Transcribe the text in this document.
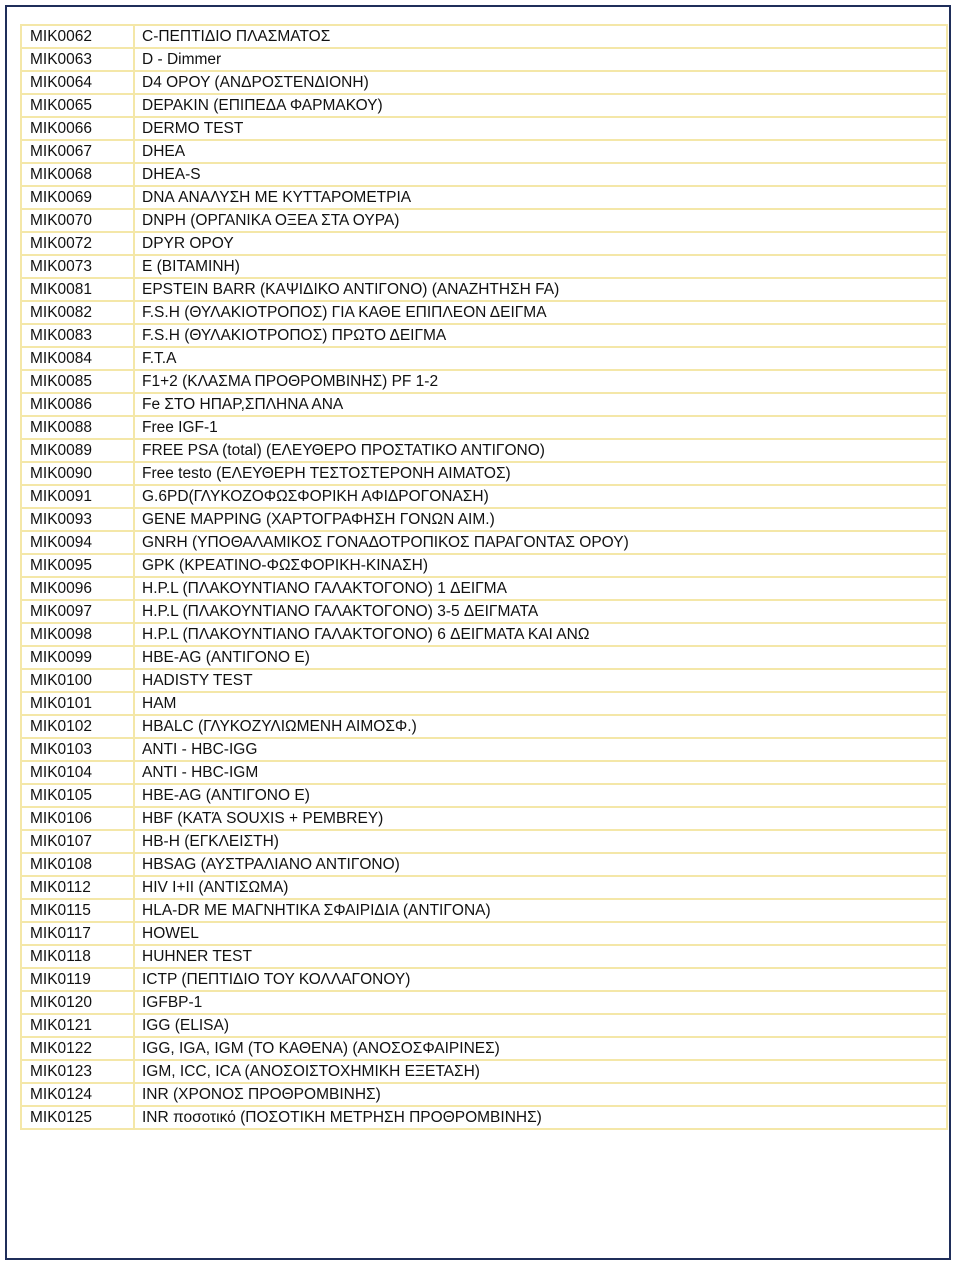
MIK0062	C-ΠΕΠΤΙΔΙΟ ΠΛΑΣΜΑΤΟΣ
MIK0063	D - Dimmer
MIK0064	D4 ΟΡΟΥ (ΑΝΔΡΟΣΤΕΝΔΙΟΝΗ)
MIK0065	DEPAKIN (ΕΠΙΠΕΔΑ ΦΑΡΜΑΚΟΥ)
MIK0066	DERMO TEST
MIK0067	DHEA
MIK0068	DHEA-S
MIK0069	DNA ΑΝΑΛΥΣΗ ΜΕ ΚΥΤΤΑΡΟΜΕΤΡΙΑ
MIK0070	DNPH (ΟΡΓΑΝΙΚΑ ΟΞΕΑ ΣΤΑ ΟΥΡΑ)
MIK0072	DPYR ΟΡΟΥ
MIK0073	E (ΒΙΤΑΜΙΝΗ)
MIK0081	EPSTEIN BARR (ΚΑΨΙΔΙΚΟ ΑΝΤΙΓΟΝΟ) (ΑΝΑΖΗΤΗΣΗ FA)
MIK0082	F.S.H (ΘΥΛΑΚΙΟΤΡΟΠΟΣ) ΓΙΑ ΚΑΘΕ ΕΠΙΠΛΕΟΝ ΔΕΙΓΜΑ
MIK0083	F.S.H (ΘΥΛΑΚΙΟΤΡΟΠΟΣ) ΠΡΩΤΟ ΔΕΙΓΜΑ
MIK0084	F.T.A
MIK0085	F1+2 (ΚΛΑΣΜΑ ΠΡΟΘΡΟΜΒΙΝΗΣ) PF 1-2
MIK0086	Fe ΣΤΟ ΗΠΑΡ,ΣΠΛΗΝΑ ΑΝΑ
MIK0088	Free IGF-1
MIK0089	FREE PSA (total) (ΕΛΕΥΘΕΡΟ ΠΡΟΣΤΑΤΙΚΟ ΑΝΤΙΓΟΝΟ)
MIK0090	Free testo (ΕΛΕΥΘΕΡΗ ΤΕΣΤΟΣΤΕΡΟΝΗ ΑΙΜΑΤΟΣ)
MIK0091	G.6PD(ΓΛΥΚΟΖΟΦΩΣΦΟΡΙΚΗ ΑΦΙΔΡΟΓΟΝΑΣΗ)
MIK0093	GENE MAPPING (ΧΑΡΤΟΓΡΑΦΗΣΗ ΓΟΝΩΝ ΑΙΜ.)
MIK0094	GNRH (ΥΠΟΘΑΛΑΜΙΚΟΣ ΓΟΝΑΔΟΤΡΟΠΙΚΟΣ ΠΑΡΑΓΟΝΤΑΣ ΟΡΟΥ)
MIK0095	GPK (ΚΡΕΑΤΙΝΟ-ΦΩΣΦΟΡΙΚΗ-ΚΙΝΑΣΗ)
MIK0096	H.P.L (ΠΛΑΚΟΥΝΤΙΑΝΟ ΓΑΛΑΚΤΟΓΟΝΟ) 1 ΔΕΙΓΜΑ
MIK0097	H.P.L (ΠΛΑΚΟΥΝΤΙΑΝΟ ΓΑΛΑΚΤΟΓΟΝΟ) 3-5 ΔΕΙΓΜΑΤΑ
MIK0098	H.P.L (ΠΛΑΚΟΥΝΤΙΑΝΟ ΓΑΛΑΚΤΟΓΟΝΟ) 6 ΔΕΙΓΜΑΤΑ ΚΑΙ ΑΝΩ
MIK0099	HBE-AG (ΑΝΤΙΓΟΝΟ E)
MIK0100	HADISTY TEST
MIK0101	HAM
MIK0102	HBALC (ΓΛΥΚΟΖΥΛΙΩΜΕΝΗ ΑΙΜΟΣΦ.)
MIK0103	ANTI - HBC-IGG
MIK0104	ANTI - HBC-IGM
MIK0105	HBE-AG (ΑΝΤΙΓΟΝΟ E)
MIK0106	HBF (ΚΑΤΆ SOUXIS + PEMBREY)
MIK0107	HB-H (ΕΓΚΛΕΙΣΤΗ)
MIK0108	HBSAG (ΑΥΣΤΡΑΛΙΑΝΟ ΑΝΤΙΓΟΝΟ)
MIK0112	HIV I+II (ΑΝΤΙΣΩΜΑ)
MIK0115	HLA-DR ΜΕ ΜΑΓΝΗΤΙΚΑ ΣΦΑΙΡΙΔΙΑ (ΑΝΤΙΓΟΝΑ)
MIK0117	HOWEL
MIK0118	HUHNER TEST
MIK0119	ICTP (ΠΕΠΤΙΔΙΟ ΤΟΥ ΚΟΛΛΑΓΟΝΟΥ)
MIK0120	IGFBP-1
MIK0121	IGG (ELISA)
MIK0122	IGG, IGA, IGM (ΤΟ ΚΑΘΕΝΑ) (ΑΝΟΣΟΣΦΑΙΡΙΝΕΣ)
MIK0123	IGM, ICC, ICA (ΑΝΟΣΟΙΣΤΟΧΗΜΙΚΗ ΕΞΕΤΑΣΗ)
MIK0124	INR (ΧΡΟΝΟΣ ΠΡΟΘΡΟΜΒΙΝΗΣ)
MIK0125	INR ποσοτικό (ΠΟΣΟΤΙΚΗ ΜΕΤΡΗΣΗ ΠΡΟΘΡΟΜΒΙΝΗΣ)
